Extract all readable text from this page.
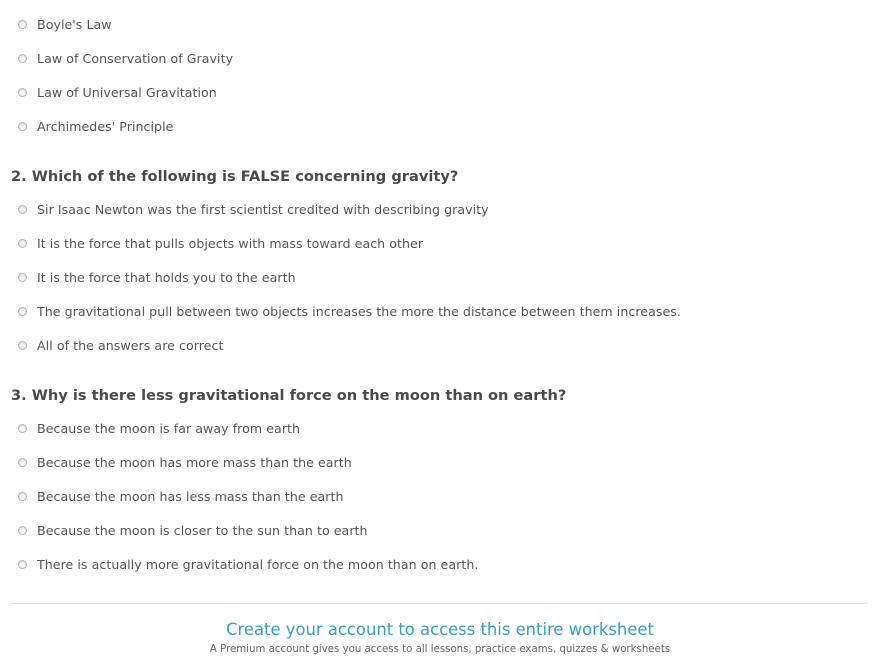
Boyle's Law
Law of Conservation of Gravity
Law of Universal Gravitation
Archimedes' Principle
2. Which of the following is FALSE concerning gravity?
Sir Isaac Newton was the first scientist credited with describing gravity
It is the force that pulls objects with mass toward each other
It is the force that holds you to the earth
The gravitational pull between two objects increases the more the distance between them increases.
All of the answers are correct
3. Why is there less gravitational force on the moon than on earth?
Because the moon is far away from earth
Because the moon has more mass than the earth
Because the moon has less mass than the earth
Because the moon is closer to the sun than to earth
There is actually more gravitational force on the moon than on earth.
Create your account to access this entire worksheet
A Premium account gives you access to all lessons, practice exams, quizzes & worksheets
